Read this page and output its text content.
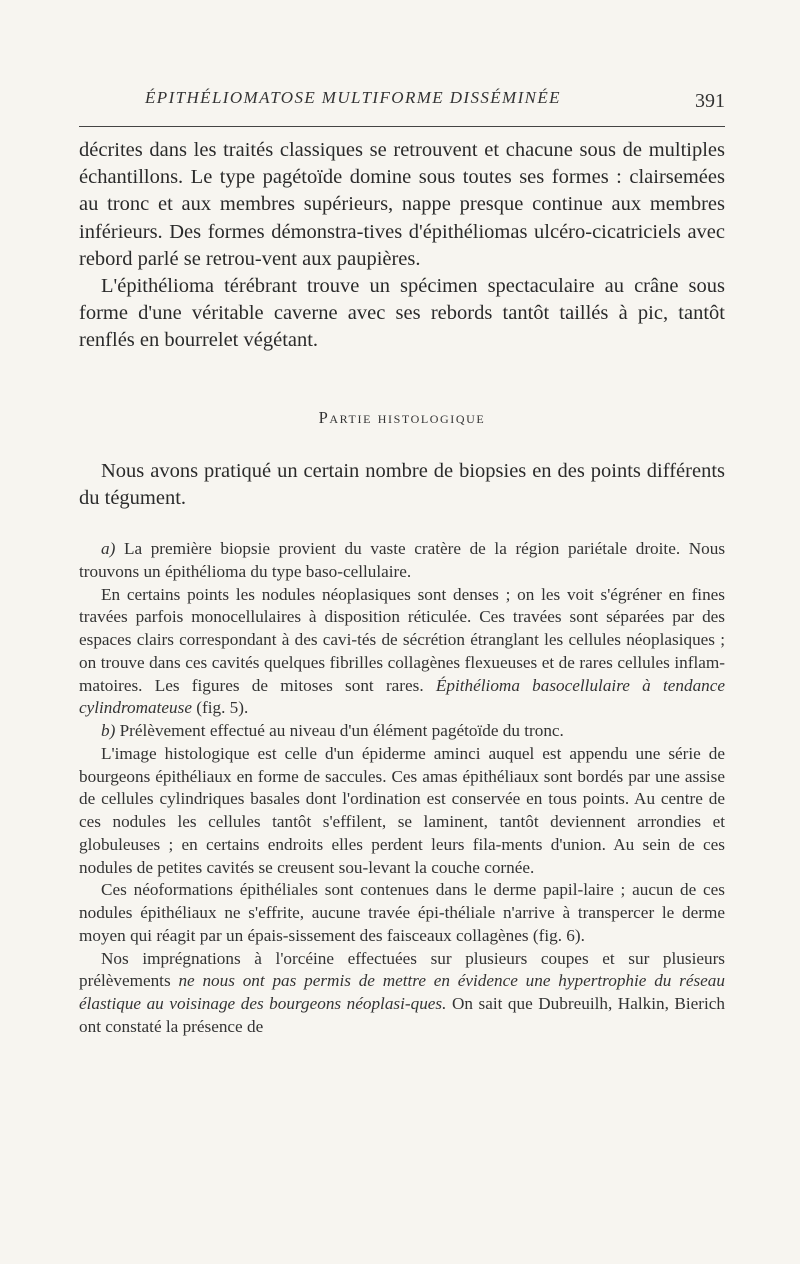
ÉPITHÉLIOMATOSE MULTIFORME DISSÉMINÉE	391

décrites dans les traités classiques se retrouvent et chacune sous de multiples échantillons. Le type pagétoïde domine sous toutes ses formes : clairsemées au tronc et aux membres supérieurs, nappe presque continue aux membres inférieurs. Des formes démonstra-tives d'épithéliomas ulcéro-cicatriciels avec rebord parlé se retrou-vent aux paupières.

L'épithélioma térébrant trouve un spécimen spectaculaire au crâne sous forme d'une véritable caverne avec ses rebords tantôt taillés à pic, tantôt renflés en bourrelet végétant.

Partie histologique

Nous avons pratiqué un certain nombre de biopsies en des points différents du tégument.

a) La première biopsie provient du vaste cratère de la région pariétale droite. Nous trouvons un épithélioma du type baso-cellulaire.

En certains points les nodules néoplasiques sont denses ; on les voit s'égréner en fines travées parfois monocellulaires à disposition réticulée. Ces travées sont séparées par des espaces clairs correspondant à des cavi-tés de sécrétion étranglant les cellules néoplasiques ; on trouve dans ces cavités quelques fibrilles collagènes flexueuses et de rares cellules inflam-matoires. Les figures de mitoses sont rares. Épithélioma basocellulaire à tendance cylindromateuse (fig. 5).

b) Prélèvement effectué au niveau d'un élément pagétoïde du tronc.

L'image histologique est celle d'un épiderme aminci auquel est appendu une série de bourgeons épithéliaux en forme de saccules. Ces amas épithéliaux sont bordés par une assise de cellules cylindriques basales dont l'ordination est conservée en tous points. Au centre de ces nodules les cellules tantôt s'effilent, se laminent, tantôt deviennent arrondies et globuleuses ; en certains endroits elles perdent leurs fila-ments d'union. Au sein de ces nodules de petites cavités se creusent sou-levant la couche cornée.

Ces néoformations épithéliales sont contenues dans le derme papil-laire ; aucun de ces nodules épithéliaux ne s'effrite, aucune travée épi-théliale n'arrive à transpercer le derme moyen qui réagit par un épais-sissement des faisceaux collagènes (fig. 6).

Nos imprégnations à l'orcéine effectuées sur plusieurs coupes et sur plusieurs prélèvements ne nous ont pas permis de mettre en évidence une hypertrophie du réseau élastique au voisinage des bourgeons néoplasi-ques. On sait que Dubreuilh, Halkin, Bierich ont constaté la présence de
